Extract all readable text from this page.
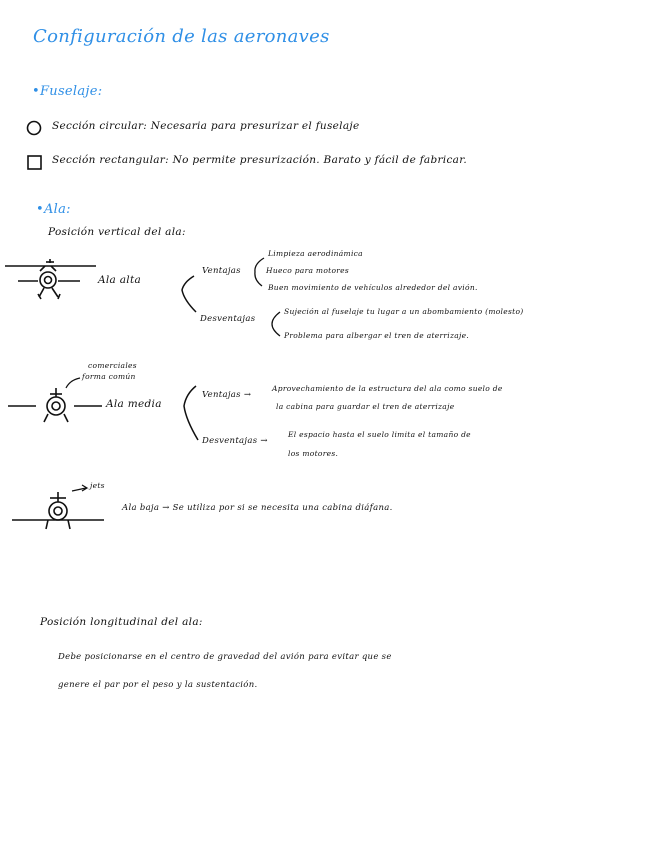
Configuración de las aeronaves
•Fuselaje:
Sección circular: Necesaria para presurizar el fuselaje
Sección rectangular: No permite presurización. Barato y fácil de fabricar.
•Ala:
Posición vertical del ala:
Ala alta
Ventajas
Limpieza aerodinámica
Hueco para motores
Buen movimiento de vehículos alrededor del avión.
Desventajas
Sujeción al fuselaje tu lugar a un abombamiento (molesto)
Problema para albergar el tren de aterrizaje.
comerciales
forma común
Ala media
Ventajas →
Aprovechamiento de la estructura del ala como suelo de
la cabina para guardar el tren de aterrizaje
Desventajas →
El espacio hasta el suelo limita el tamaño de
los motores.
jets
Ala baja → Se utiliza por si se necesita una cabina diáfana.
Posición longitudinal del ala:
Debe posicionarse en el centro de gravedad del avión para evitar que se
genere el par por el peso y la sustentación.
